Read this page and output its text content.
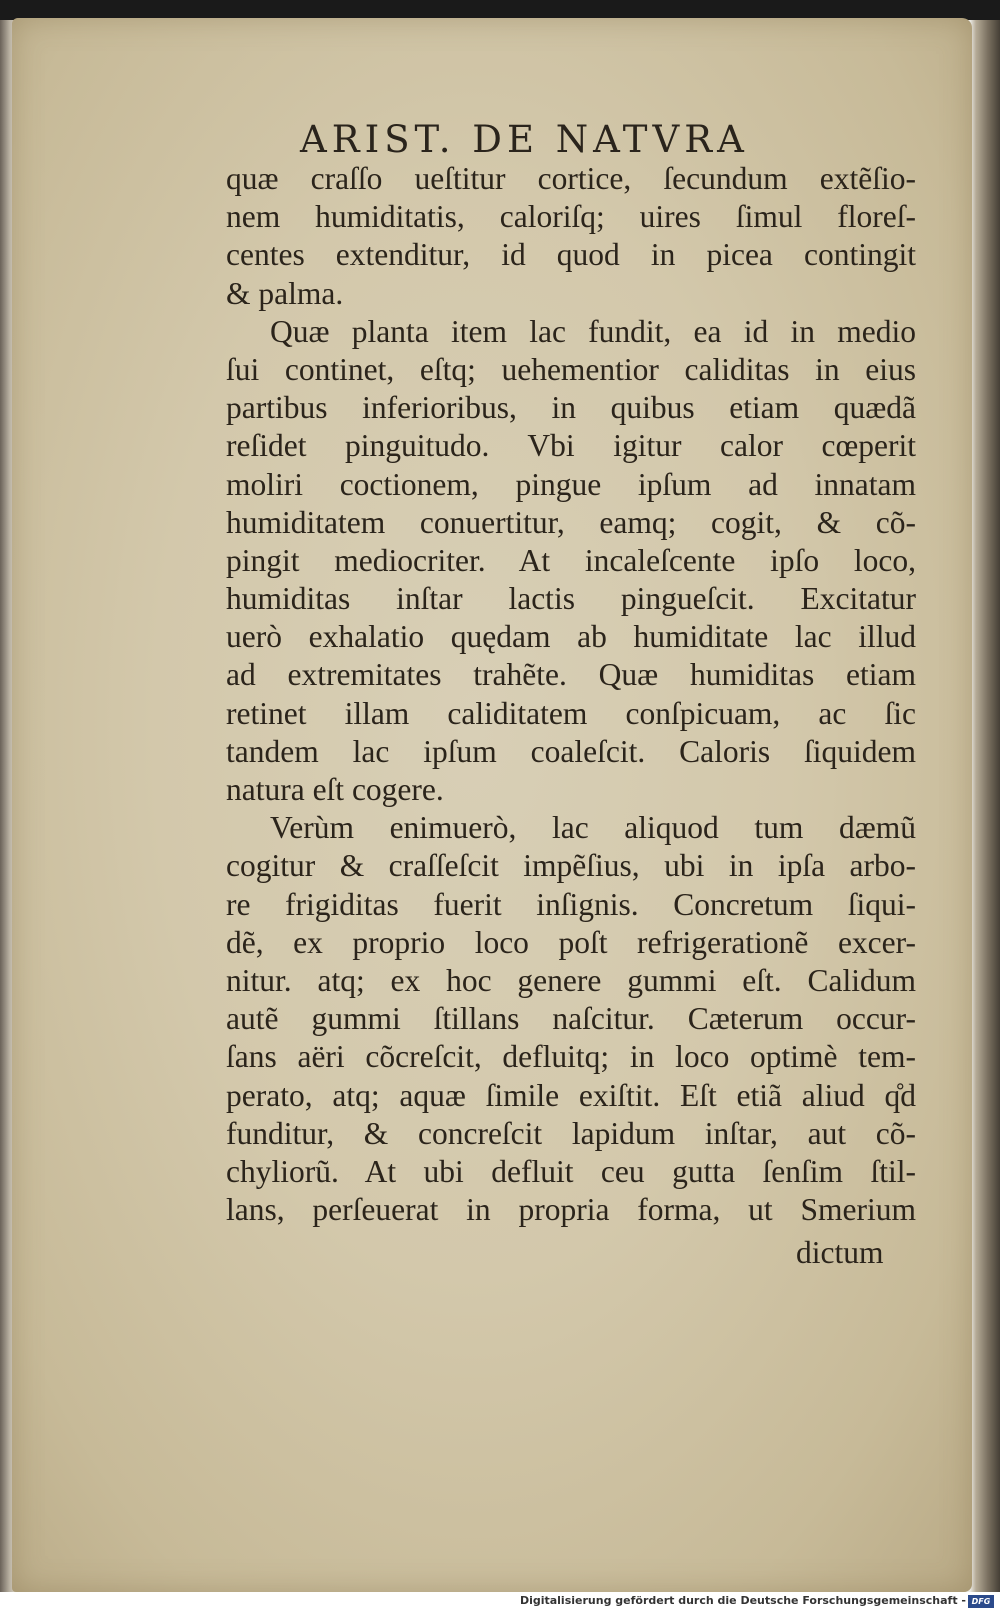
ARIST. DE NATVRA
quæ craſſo ueſtitur cortice, ſecundum extẽſio-
nem humiditatis, caloriſq; uires ſimul floreſ-
centes extenditur, id quod in picea contingit
& palma.
Quæ planta item lac fundit, ea id in medio
ſui continet, eſtq; uehementior caliditas in eius
partibus inferioribus, in quibus etiam quædã
reſidet pinguitudo. Vbi igitur calor cœperit
moliri coctionem, pingue ipſum ad innatam
humiditatem conuertitur, eamq; cogit, & cõ-
pingit mediocriter. At incaleſcente ipſo loco,
humiditas inſtar lactis pingueſcit. Excitatur
uerò exhalatio quędam ab humiditate lac illud
ad extremitates trahẽte. Quæ humiditas etiam
retinet illam caliditatem conſpicuam, ac ſic
tandem lac ipſum coaleſcit. Caloris ſiquidem
natura eſt cogere.
Verùm enimuerò, lac aliquod tum dæmũ
cogitur & craſſeſcit impẽſius, ubi in ipſa arbo-
re frigiditas fuerit inſignis. Concretum ſiqui-
dẽ, ex proprio loco poſt refrigerationẽ excer-
nitur. atq; ex hoc genere gummi eſt. Calidum
autẽ gummi ſtillans naſcitur. Cæterum occur-
ſans aëri cõcreſcit, defluitq; in loco optimè tem-
perato, atq; aquæ ſimile exiſtit. Eſt etiã aliud q̊d
funditur, & concreſcit lapidum inſtar, aut cõ-
chyliorũ. At ubi defluit ceu gutta ſenſim ſtil-
lans, perſeuerat in propria forma, ut Smerium
dictum
Digitalisierung gefördert durch die Deutsche Forschungsgemeinschaft - DFG
